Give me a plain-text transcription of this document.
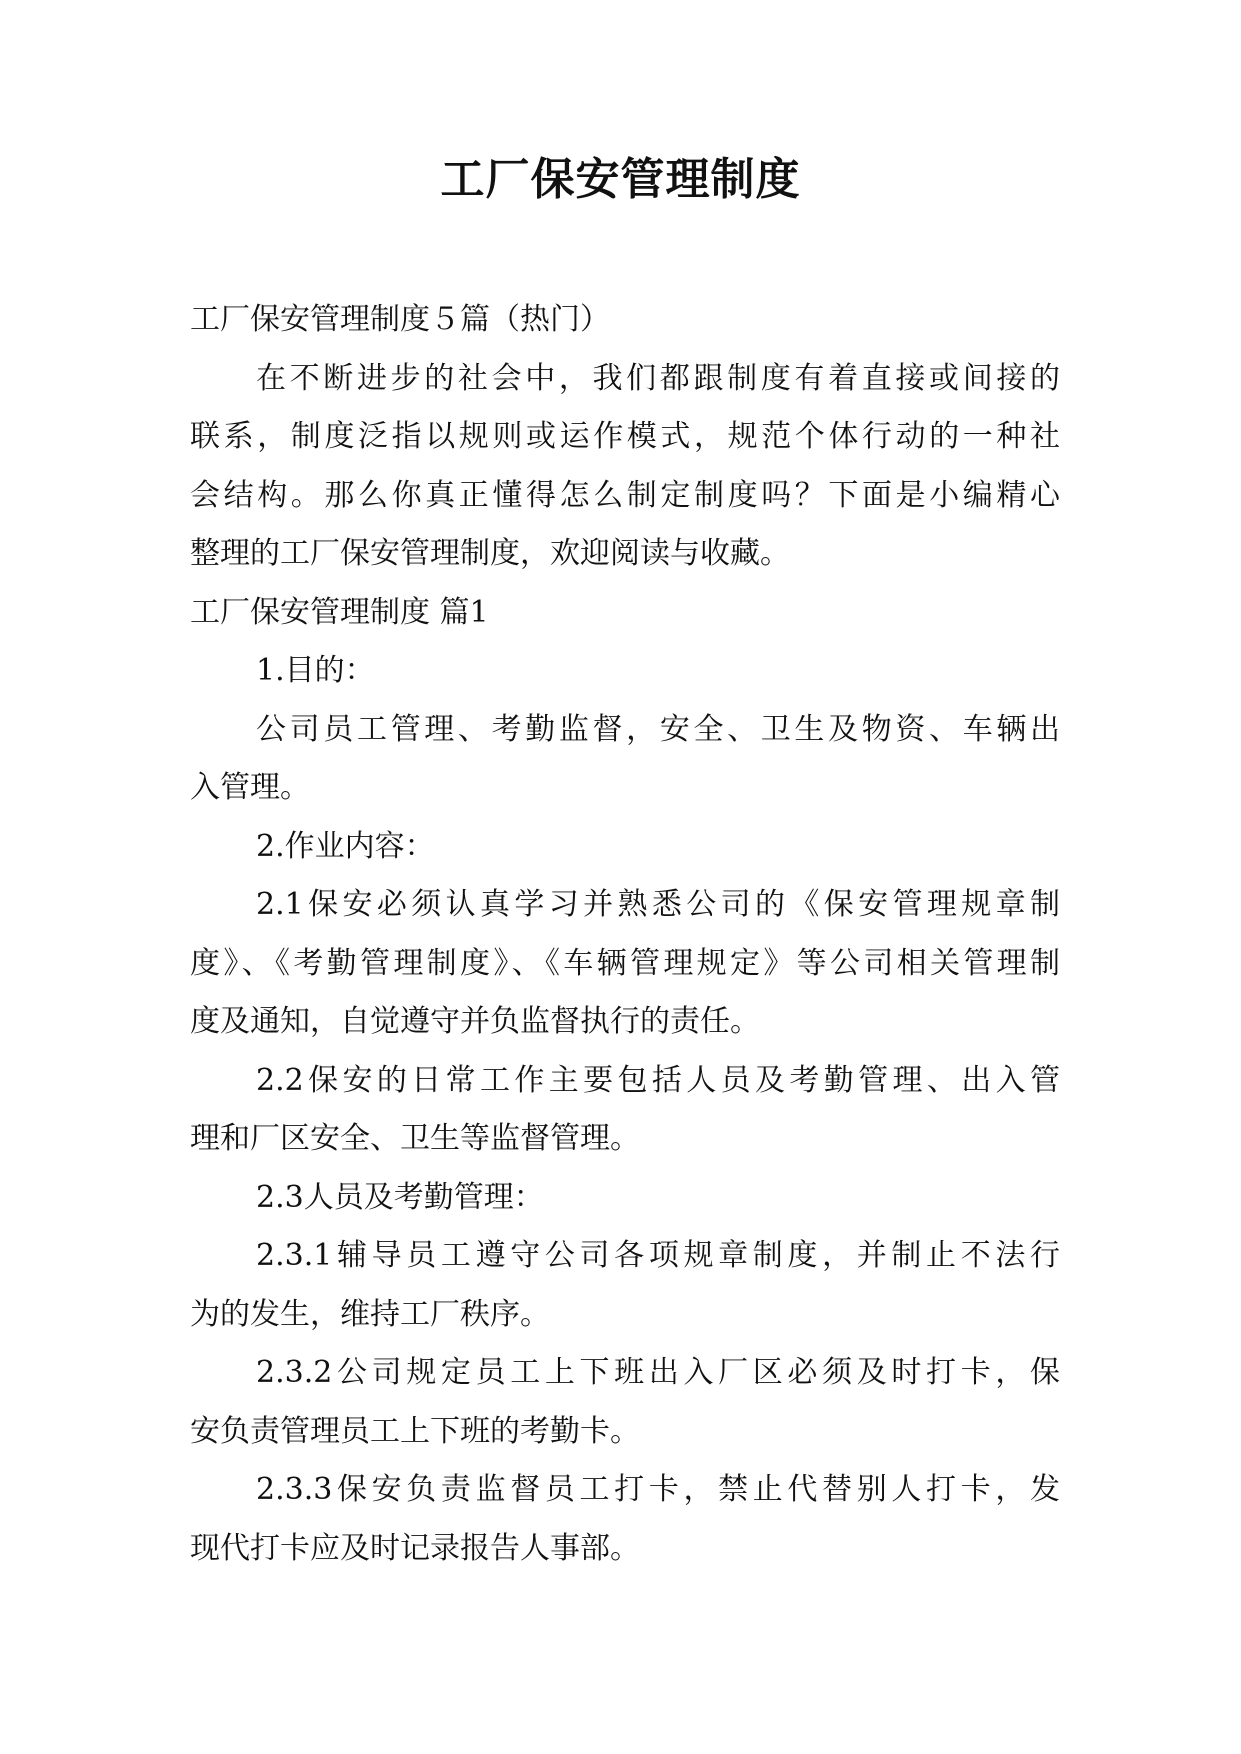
工厂保安管理制度
工厂保安管理制度５篇（热门）
在不断进步的社会中，我们都跟制度有着直接或间接的
联系，制度泛指以规则或运作模式，规范个体行动的一种社
会结构。那么你真正懂得怎么制定制度吗？下面是小编精心
整理的工厂保安管理制度，欢迎阅读与收藏。
工厂保安管理制度 篇1
1.目的：
公司员工管理、考勤监督，安全、卫生及物资、车辆出
入管理。
2.作业内容：
2.1保安必须认真学习并熟悉公司的《保安管理规章制
度》、《考勤管理制度》、《车辆管理规定》等公司相关管理制
度及通知，自觉遵守并负监督执行的责任。
2.2保安的日常工作主要包括人员及考勤管理、出入管
理和厂区安全、卫生等监督管理。
2.3人员及考勤管理：
2.3.1辅导员工遵守公司各项规章制度，并制止不法行
为的发生，维持工厂秩序。
2.3.2公司规定员工上下班出入厂区必须及时打卡，保
安负责管理员工上下班的考勤卡。
2.3.3保安负责监督员工打卡，禁止代替别人打卡，发
现代打卡应及时记录报告人事部。
